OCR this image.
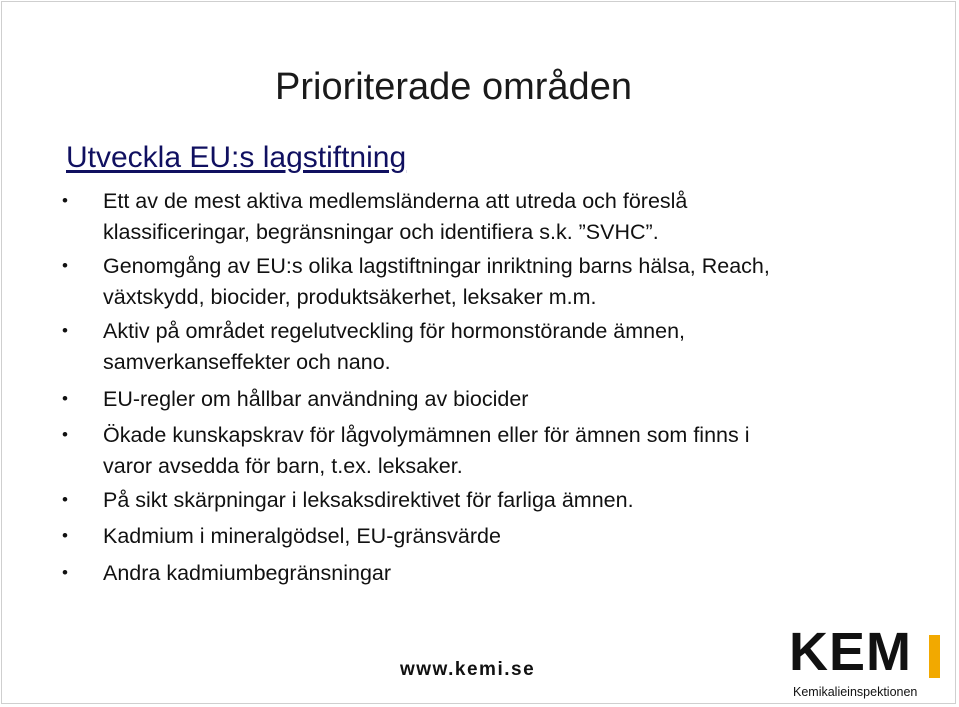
Prioriterade områden
Utveckla EU:s lagstiftning
•	Ett av de mest aktiva medlemsländerna att utreda och föreslå
klassificeringar, begränsningar och identifiera s.k. ”SVHC”.
•	Genomgång av EU:s olika lagstiftningar inriktning barns hälsa, Reach,
växtskydd, biocider, produktsäkerhet, leksaker m.m.
•	Aktiv på området regelutveckling för hormonstörande ämnen,
samverkanseffekter och nano.
•	EU-regler om hållbar användning av biocider
•	Ökade kunskapskrav för lågvolymämnen eller för ämnen som finns i
varor avsedda för barn, t.ex. leksaker.
•	På sikt skärpningar i leksaksdirektivet för farliga ämnen.
•	Kadmium i mineralgödsel, EU-gränsvärde
•	Andra kadmiumbegränsningar
www.kemi.se	KEM
Kemikalieinspektionen
